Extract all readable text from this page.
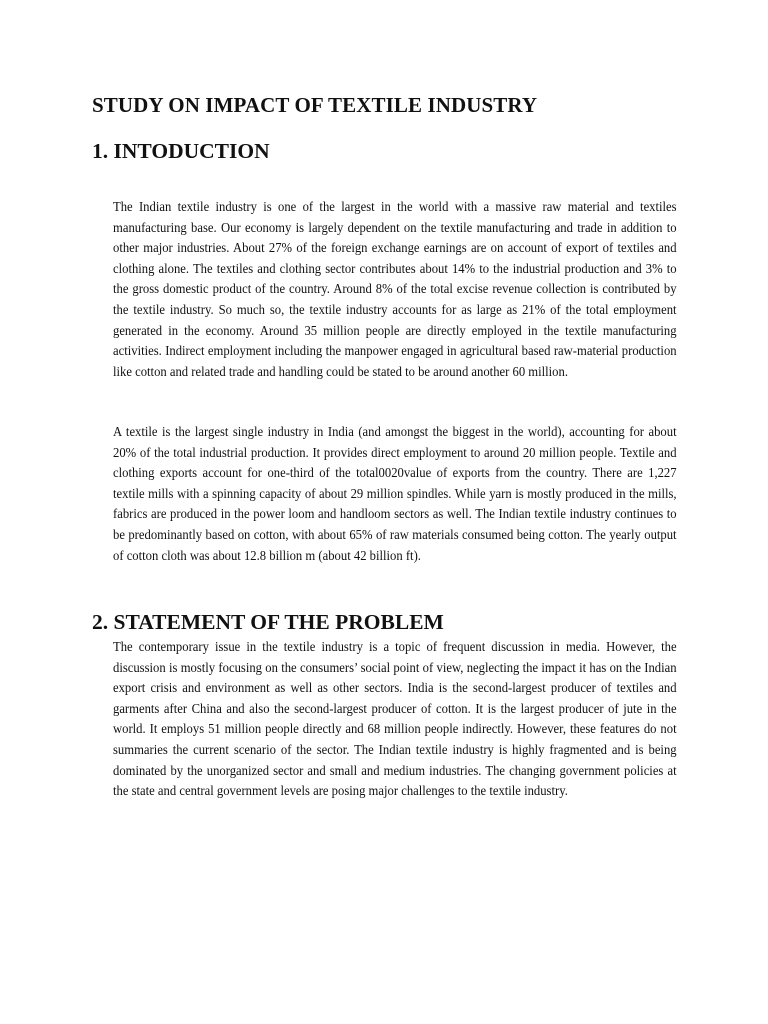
STUDY ON IMPACT OF TEXTILE INDUSTRY
1. INTODUCTION

The Indian textile industry is one of the largest in the world with a massive raw material and textiles manufacturing base. Our economy is largely dependent on the textile manufacturing and trade in addition to other major industries. About 27% of the foreign exchange earnings are on account of export of textiles and clothing alone. The textiles and clothing sector contributes about 14% to the industrial production and 3% to the gross domestic product of the country. Around 8% of the total excise revenue collection is contributed by the textile industry. So much so, the textile industry accounts for as large as 21% of the total employment generated in the economy. Around 35 million people are directly employed in the textile manufacturing activities. Indirect employment including the manpower engaged in agricultural based raw-material production like cotton and related trade and handling could be stated to be around another 60 million.

A textile is the largest single industry in India (and amongst the biggest in the world), accounting for about 20% of the total industrial production. It provides direct employment to around 20 million people. Textile and clothing exports account for one-third of the total0020value of exports from the country. There are 1,227 textile mills with a spinning capacity of about 29 million spindles. While yarn is mostly produced in the mills, fabrics are produced in the power loom and handloom sectors as well. The Indian textile industry continues to be predominantly based on cotton, with about 65% of raw materials consumed being cotton. The yearly output of cotton cloth was about 12.8 billion m (about 42 billion ft).

2. STATEMENT OF THE PROBLEM

The contemporary issue in the textile industry is a topic of frequent discussion in media. However, the discussion is mostly focusing on the consumers’ social point of view, neglecting the impact it has on the Indian export crisis and environment as well as other sectors. India is the second-largest producer of textiles and garments after China and also the second-largest producer of cotton. It is the largest producer of jute in the world. It employs 51 million people directly and 68 million people indirectly. However, these features do not summaries the current scenario of the sector. The Indian textile industry is highly fragmented and is being dominated by the unorganized sector and small and medium industries. The changing government policies at the state and central government levels are posing major challenges to the textile industry.
